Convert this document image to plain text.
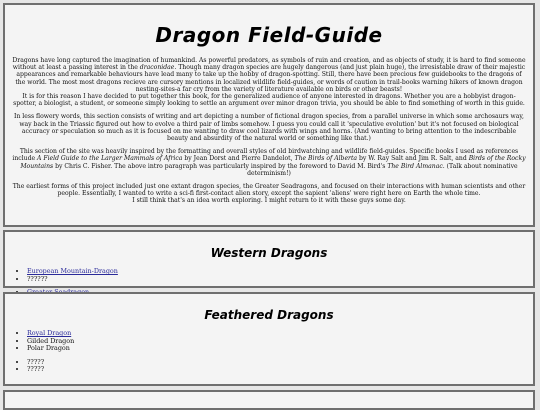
Dragon Field-Guide

Dragons have long captured the imagination of humankind. As powerful predators, as symbols of ruin and creation, and as objects of study, it is hard to find someone without at least a passing interest in the draconidae. Though many dragon species are hugely dangerous (and just plain huge), the irresistable draw of their majestic appearances and remarkable behaviours have lead many to take up the hobby of dragon-spotting. Still, there have been precious few guidebooks to the dragons of the world. The most most dragons recieve are cursory mentions in localized wildlife field-guides, or words of caution in trail-books warning hikers of known dragon nesting-sites-a far cry from the variety of literature available on birds or other beasts!
It is for this reason I have decided to put together this book, for the generalized audience of anyone interested in dragons. Whether you are a hobbyist dragon-spotter, a biologist, a student, or someone simply looking to settle an argument over minor dragon trivia, you should be able to find something of worth in this guide.

In less flowery words, this section consists of writing and art depicting a number of fictional dragon species, from a parallel universe in which some archosaurs way, way back in the Triassic figured out how to evolve a third pair of limbs somehow. I guess you could call it 'speculative evolution' but it's not focused on biological accuracy or speculation so much as it is focused on me wanting to draw cool lizards with wings and horns. (And wanting to bring attention to the indescribable beauty and absurdity of the natural world or something like that.)

This section of the site was heavily inspired by the formatting and overall styles of old birdwatching and wildlife field-guides. Specific books I used as references include A Field Guide to the Larger Mammals of Africa by Jean Dorst and Pierre Dandelot, The Birds of Alberta by W. Ray Salt and Jim R. Salt, and Birds of the Rocky Mountains by Chris C. Fisher. The above intro paragraph was particularly inspired by the foreword to David M. Bird's The Bird Almanac. (Talk about nominative determinism!)

The earliest forms of this project included just one extant dragon species, the Greater Seadragons, and focused on their interactions with human scientists and other people. Essentially, I wanted to write a sci-fi first-contact alien story, except the sapient 'aliens' were right here on Earth the whole time.
I still think that's an idea worth exploring. I might return to it with these guys some day.

Western Dragons
• European Mountain-Dragon
• ??????
•
•
Feathered Dragons
• Royal Dragon
• Gilded Dragon
• Polar Dragon
• ?????
• ?????
